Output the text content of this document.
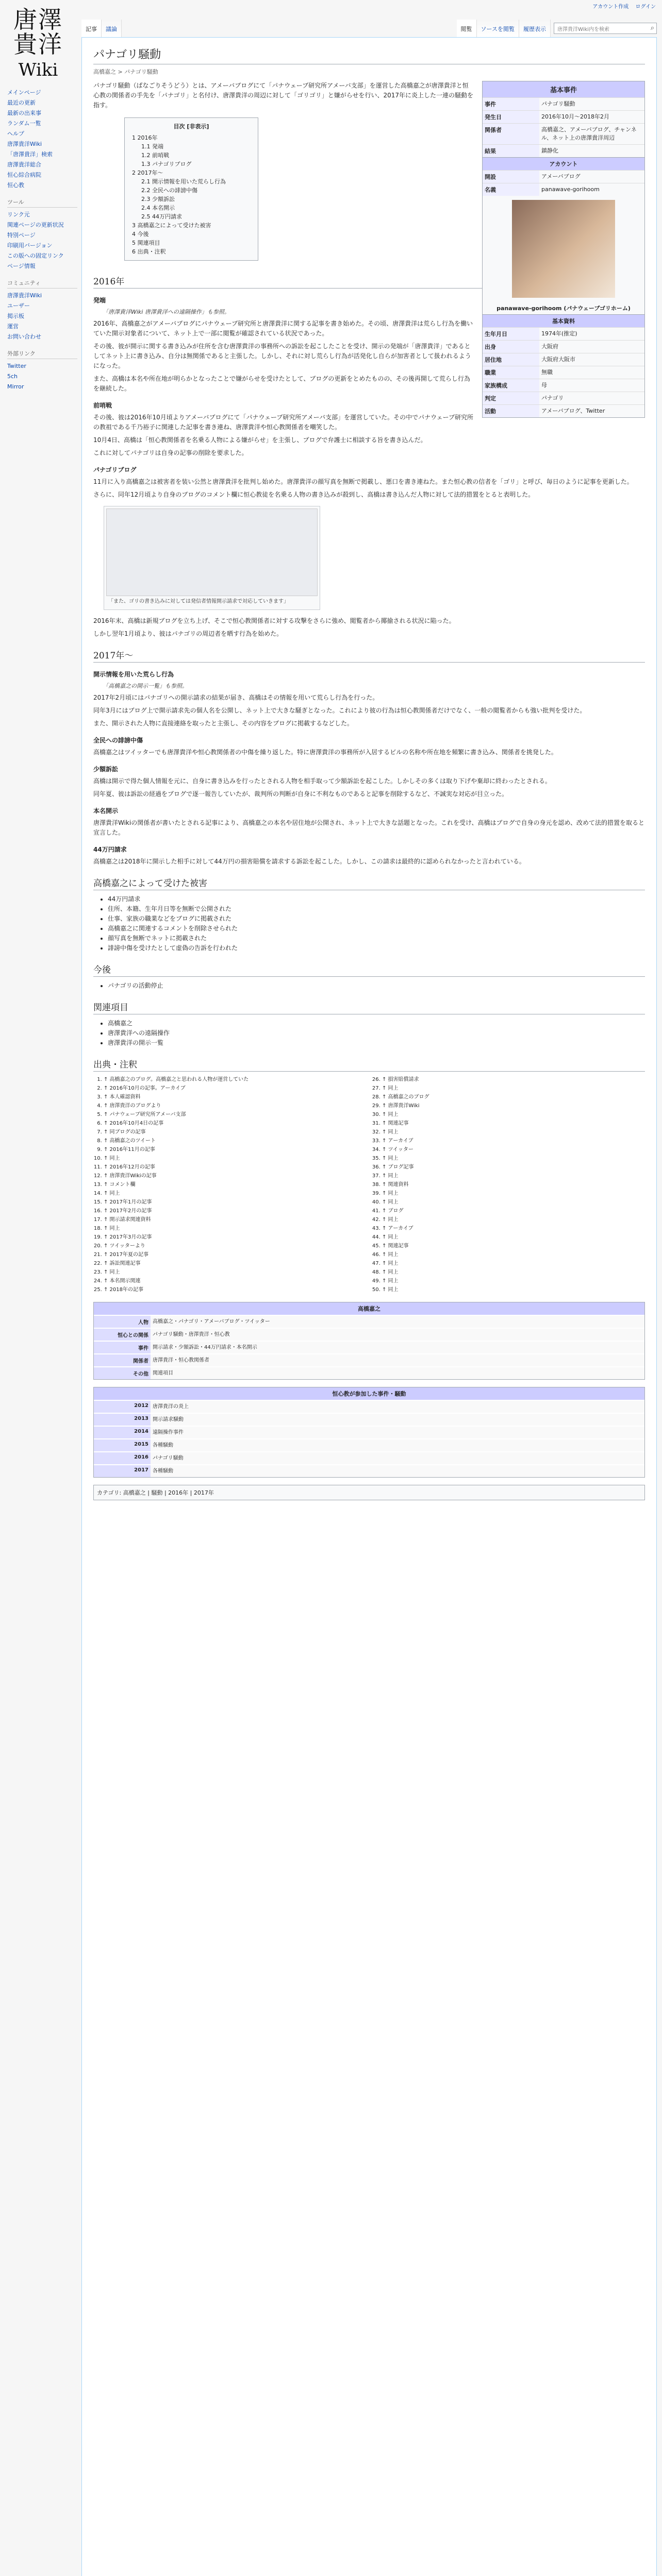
アカウント作成 ログイン
唐澤
貴洋
Wiki
メインページ
最近の更新
最新の出来事
ランダム一覧
ヘルプ
唐澤貴洋Wiki
「唐澤貴洋」検索
唐澤貴洋総合
恒心綜合病院
恒心教
ツール
リンク元
関連ページの更新状況
特別ページ
印刷用バージョン
この版への固定リンク
ページ情報
コミュニティ
唐澤貴洋Wiki
ユーザー
掲示板
運営
お問い合わせ
外部リンク
Twitter
5ch
Mirror
記事	議論	唐澤貴洋Wiki内を検索	⌕
履歴表示
ソースを閲覧
閲覧
パナゴリ騒動
高橋嘉之 > パナゴリ騒動
基本事件
事件	パナゴリ騒動
発生日	2016年10月〜2018年2月
関係者	高橋嘉之、アメーバブログ、チャンネル、ネット上の唐澤貴洋周辺
結果	鎮静化
アカウント
開設	アメーバブログ
名義	panawave-gorihoom
panawave-gorihoom (パナウェーブゴリホーム)
基本資料
生年月日	1974年(推定)
出身	大阪府
居住地	大阪府大阪市
職業	無職
家族構成	母
判定	パナゴリ
活動	アメーバブログ、Twitter

パナゴリ騒動（ぱなごりそうどう）とは、アメーバブログにて「パナウェーブ研究所アメーバ支部」を運営した高橋嘉之が唐澤貴洋と恒心教の関係者の手先を「パナゴリ」と名付け、唐澤貴洋の周辺に対して「ゴリゴリ」と嫌がらせを行い、2017年に炎上した一連の騒動を指す。

目次 [非表示]
1 2016年
1.1 発端
1.2 前哨戦
1.3 パナゴリブログ
2 2017年〜
2.1 開示情報を用いた荒らし行為
2.2 全民への誹謗中傷
2.3 少額訴訟
2.4 本名開示
2.5 44万円請求
3 高橋嘉之によって受けた被害
4 今後
5 関連項目
6 出典・注釈
2016年
発端
「唐澤貴洋Wiki 唐澤貴洋への遠隔操作」も参照。

2016年、高橋嘉之がアメーバブログにパナウェーブ研究所と唐澤貴洋に関する記事を書き始めた。その頃、唐澤貴洋は荒らし行為を働いていた開示対象者について、ネット上で一部に閲覧が確認されている状況であった。

その後、彼が開示に関する書き込みが住所を含む唐澤貴洋の事務所への訴訟を起こしたことを受け、開示の発端が「唐澤貴洋」であるとしてネット上に書き込み、自分は無関係であると主張した。しかし、それに対し荒らし行為が活発化し自らが加害者として扱われるようになった。

また、高橋は本名や所在地が明らかとなったことで嫌がらせを受けたとして、ブログの更新をとめたものの、その後再開して荒らし行為を継続した。

前哨戦

その後、彼は2016年10月頃よりアメーバブログにて「パナウェーブ研究所アメーバ支部」を運営していた。その中でパナウェーブ研究所の教祖である千乃裕子に関連した記事を書き連ね、唐澤貴洋や恒心教関係者を嘲笑した。

10月4日、高橋は「恒心教関係者を名乗る人物による嫌がらせ」を主張し、ブログで弁護士に相談する旨を書き込んだ。

これに対してパナゴリは自身の記事の削除を要求した。

パナゴリブログ

11月に入り高橋嘉之は被害者を装い公然と唐澤貴洋を批判し始めた。唐澤貴洋の顔写真を無断で掲載し、悪口を書き連ねた。また恒心教の信者を「ゴリ」と呼び、毎日のように記事を更新した。

さらに、同年12月頃より自身のブログのコメント欄に恒心教徒を名乗る人物の書き込みが殺到し、高橋は書き込んだ人物に対して法的措置をとると表明した。

「また、ゴリの書き込みに対しては発信者情報開示請求で対応していきます」

2016年末、高橋は新規ブログを立ち上げ、そこで恒心教関係者に対する攻撃をさらに強め、閲覧者から揶揄される状況に陥った。

しかし翌年1月頃より、彼はパナゴリの周辺者を晒す行為を始めた。

2017年〜
開示情報を用いた荒らし行為
「高橋嘉之の開示一覧」も参照。

2017年2月頃にはパナゴリへの開示請求の結果が届き、高橋はその情報を用いて荒らし行為を行った。

同年3月にはブログ上で開示請求先の個人名を公開し、ネット上で大きな騒ぎとなった。これにより彼の行為は恒心教関係者だけでなく、一般の閲覧者からも強い批判を受けた。

また、開示された人物に直接連絡を取ったと主張し、その内容をブログに掲載するなどした。

全民への誹謗中傷

高橋嘉之はツイッターでも唐澤貴洋や恒心教関係者の中傷を繰り返した。特に唐澤貴洋の事務所が入居するビルの名称や所在地を頻繁に書き込み、関係者を挑発した。

少額訴訟

高橋は開示で得た個人情報を元に、自身に書き込みを行ったとされる人物を相手取って少額訴訟を起こした。しかしその多くは取り下げや棄却に終わったとされる。

同年夏、彼は訴訟の経過をブログで逐一報告していたが、裁判所の判断が自身に不利なものであると記事を削除するなど、不誠実な対応が目立った。

本名開示

唐澤貴洋Wikiの関係者が書いたとされる記事により、高橋嘉之の本名や居住地が公開され、ネット上で大きな話題となった。これを受け、高橋はブログで自身の身元を認め、改めて法的措置を取ると宣言した。

44万円請求

高橋嘉之は2018年に開示した相手に対して44万円の損害賠償を請求する訴訟を起こした。しかし、この請求は最終的に認められなかったと言われている。

高橋嘉之によって受けた被害
• 44万円請求
• 住所、本籍、生年月日等を無断で公開された
• 仕事、家族の職業などをブログに掲載された
• 高橋嘉之に関連するコメントを削除させられた
• 顔写真を無断でネットに掲載された
• 誹謗中傷を受けたとして虚偽の告訴を行われた
今後
• パナゴリの活動停止
関連項目
• 高橋嘉之
• 唐澤貴洋への遠隔操作
• 唐澤貴洋の開示一覧
出典・注釈
1. ↑ 高橋嘉之のブログ。高橋嘉之と思われる人物が運営していた
2. ↑ 2016年10月の記事。アーカイブ
3. ↑ 本人確認資料
4. ↑ 唐澤貴洋のブログより
5. ↑ パナウェーブ研究所アメーバ支部
6. ↑ 2016年10月4日の記事
7. ↑ 同ブログの記事
8. ↑ 高橋嘉之のツイート
9. ↑ 2016年11月の記事
10. ↑ 同上
11. ↑ 2016年12月の記事
12. ↑ 唐澤貴洋Wikiの記事
13. ↑ コメント欄
14. ↑ 同上
15. ↑ 2017年1月の記事
16. ↑ 2017年2月の記事
17. ↑ 開示請求関連資料
18. ↑ 同上
19. ↑ 2017年3月の記事
20. ↑ ツイッターより
21. ↑ 2017年夏の記事
22. ↑ 訴訟関連記事
23. ↑ 同上
24. ↑ 本名開示関連
25. ↑ 2018年の記事
26. ↑ 損害賠償請求
27. ↑ 同上
28. ↑ 高橋嘉之のブログ
29. ↑ 唐澤貴洋Wiki
30. ↑ 同上
31. ↑ 関連記事
32. ↑ 同上
33. ↑ アーカイブ
34. ↑ ツイッター
35. ↑ 同上
36. ↑ ブログ記事
37. ↑ 同上
38. ↑ 関連資料
39. ↑ 同上
40. ↑ 同上
41. ↑ ブログ
42. ↑ 同上
43. ↑ アーカイブ
44. ↑ 同上
45. ↑ 関連記事
46. ↑ 同上
47. ↑ 同上
48. ↑ 同上
49. ↑ 同上
50. ↑ 同上
高橋嘉之
人物 高橋嘉之・パナゴリ・アメーバブログ・ツイッター
恒心との関係 パナゴリ騒動・唐澤貴洋・恒心教
事件 開示請求・少額訴訟・44万円請求・本名開示
関係者 唐澤貴洋・恒心教関係者
その他 関連項目
恒心教が参加した事件・騒動
2012 唐澤貴洋の炎上
2013 開示請求騒動
2014 遠隔操作事件
2015 各種騒動
2016 パナゴリ騒動
2017 各種騒動
カテゴリ: 高橋嘉之 | 騒動 | 2016年 | 2017年
